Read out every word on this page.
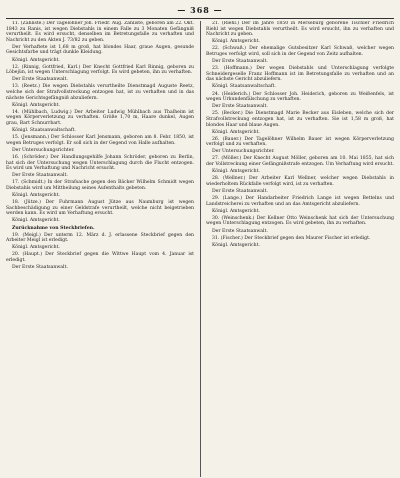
— 368 —

11. (Zähliste.) Der Tagelöhner Joh. Friedr. Aug. Zähliste, geboren am 22. Okt. 1843 zu Ranis, ist wegen Diebstahls in einem Falle zu 3 Monaten Gefängniß verurtheilt. Es wird ersucht, denselben im Betretungsfalle zu verhaften und Nachricht zu den Akten J. 73/82 zu geben.

Der Verhaftete ist 1,68 m groß, hat blondes Haar, graue Augen, gesunde Gesichtsfarbe und trägt dunkle Kleidung.

Königl. Amtsgericht.

12. (Rinnig, Gottfried, Karl.) Der Knecht Gottfried Karl Rinnig, geboren zu Löbejün, ist wegen Unterschlagung verfolgt. Es wird gebeten, ihn zu verhaften.

Der Erste Staatsanwalt.

13. (Reetz.) Die wegen Diebstahls verurtheilte Dienstmagd Auguste Reetz, welche sich der Strafvollstreckung entzogen hat, ist zu verhaften und in das nächste Gerichtsgefängniß abzuliefern.

Königl. Amtsgericht.

14. (Mühlbach, Ludwig.) Der Arbeiter Ludwig Mühlbach aus Thalheim ist wegen Körperverletzung zu verhaften. Größe 1,70 m, Haare dunkel, Augen grau, Bart Schnurrbart.

Königl. Staatsanwaltschaft.

15. (Jensmann.) Der Schlosser Karl Jensmann, geboren am 8. Febr. 1850, ist wegen Betruges verfolgt. Er soll sich in der Gegend von Halle aufhalten.

Der Untersuchungsrichter.

16. (Schröder.) Der Handlungsgehilfe Johann Schröder, geboren zu Berlin, hat sich der Untersuchung wegen Unterschlagung durch die Flucht entzogen. Es wird um Verhaftung und Nachricht ersucht.

Der Erste Staatsanwalt.

17. (Schmidt.) In der Strafsache gegen den Bäcker Wilhelm Schmidt wegen Diebstahls wird um Mittheilung seines Aufenthalts gebeten.

Königl. Amtsgericht.

18. (Jütze.) Der Fuhrmann August Jütze aus Naumburg ist wegen Sachbeschädigung zu einer Geldstrafe verurtheilt, welche nicht beigetrieben werden kann. Es wird um Verhaftung ersucht.

Königl. Amtsgericht.

Zurücknahme von Steckbriefen.

19. (Meigl.) Der unterm 12. März d. J. erlassene Steckbrief gegen den Arbeiter Meigl ist erledigt.

Königl. Amtsgericht.

20. (Haupt.) Der Steckbrief gegen die Wittwe Haupt vom 4. Januar ist erledigt.

Der Erste Staatsanwalt.

21. (Riehl.) Der im Jahre 1850 in Merseburg geborene Tischler Friedrich Riehl ist wegen Diebstahls verurtheilt. Es wird ersucht, ihn zu verhaften und Nachricht zu geben.

Königl. Amtsgericht.

22. (Schwaß.) Der ehemalige Gutsbesitzer Karl Schwaß, welcher wegen Betruges verfolgt wird, soll sich in der Gegend von Zeitz aufhalten.

Der Erste Staatsanwalt.

23. (Hoffmann.) Der wegen Diebstahls und Unterschlagung verfolgte Schneidergeselle Franz Hoffmann ist im Betretungsfalle zu verhaften und an das nächste Gericht abzuliefern.

Königl. Staatsanwaltschaft.

24. (Heiderich.) Der Schlosser Joh. Heiderich, geboren zu Weißenfels, ist wegen Urkundenfälschung zu verhaften.

Der Erste Staatsanwalt.

25. (Becker.) Die Dienstmagd Marie Becker aus Eisleben, welche sich der Strafvollstreckung entzogen hat, ist zu verhaften. Sie ist 1,58 m groß, hat blondes Haar und blaue Augen.

Königl. Amtsgericht.

26. (Bauer.) Der Tagelöhner Wilhelm Bauer ist wegen Körperverletzung verfolgt und zu verhaften.

Der Untersuchungsrichter.

27. (Möller.) Der Knecht August Möller, geboren am 10. Mai 1855, hat sich der Vollstreckung einer Gefängnißstrafe entzogen. Um Verhaftung wird ersucht.

Königl. Amtsgericht.

28. (Wellner.) Der Arbeiter Karl Wellner, welcher wegen Diebstahls in wiederholtem Rückfalle verfolgt wird, ist zu verhaften.

Der Erste Staatsanwalt.

29. (Lange.) Der Handarbeiter Friedrich Lange ist wegen Bettelns und Landstreicherei zu verhaften und an das Amtsgericht abzuliefern.

Königl. Amtsgericht.

30. (Weinschenk.) Der Kellner Otto Weinschenk hat sich der Untersuchung wegen Unterschlagung entzogen. Es wird gebeten, ihn zu verhaften.

Der Erste Staatsanwalt.

31. (Fischer.) Der Steckbrief gegen den Maurer Fischer ist erledigt.

Königl. Amtsgericht.
